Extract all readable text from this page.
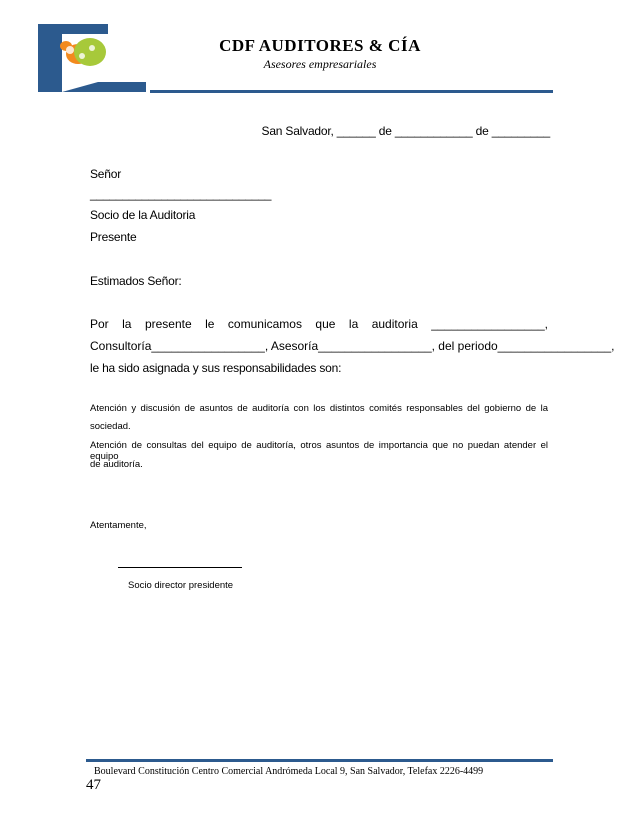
CDF AUDITORES & CÍA
Asesores empresariales
San Salvador, ______ de ____________ de _________
Señor
____________________________
Socio de la Auditoria
Presente
Estimados Señor:
Por la presente le comunicamos que la auditoria _________________,
Consultoría_________________, Asesoría_________________, del periodo_________________,
le ha sido asignada y sus responsabilidades son:
Atención y discusión de asuntos de auditoría con los distintos comités responsables del gobierno de la
sociedad.
Atención de consultas del equipo de auditoría, otros asuntos de importancia que no puedan atender el equipo
de auditoría.
Atentamente,
Socio director presidente
Boulevard Constitución Centro Comercial Andrómeda Local 9, San Salvador, Telefax 2226-4499
47
